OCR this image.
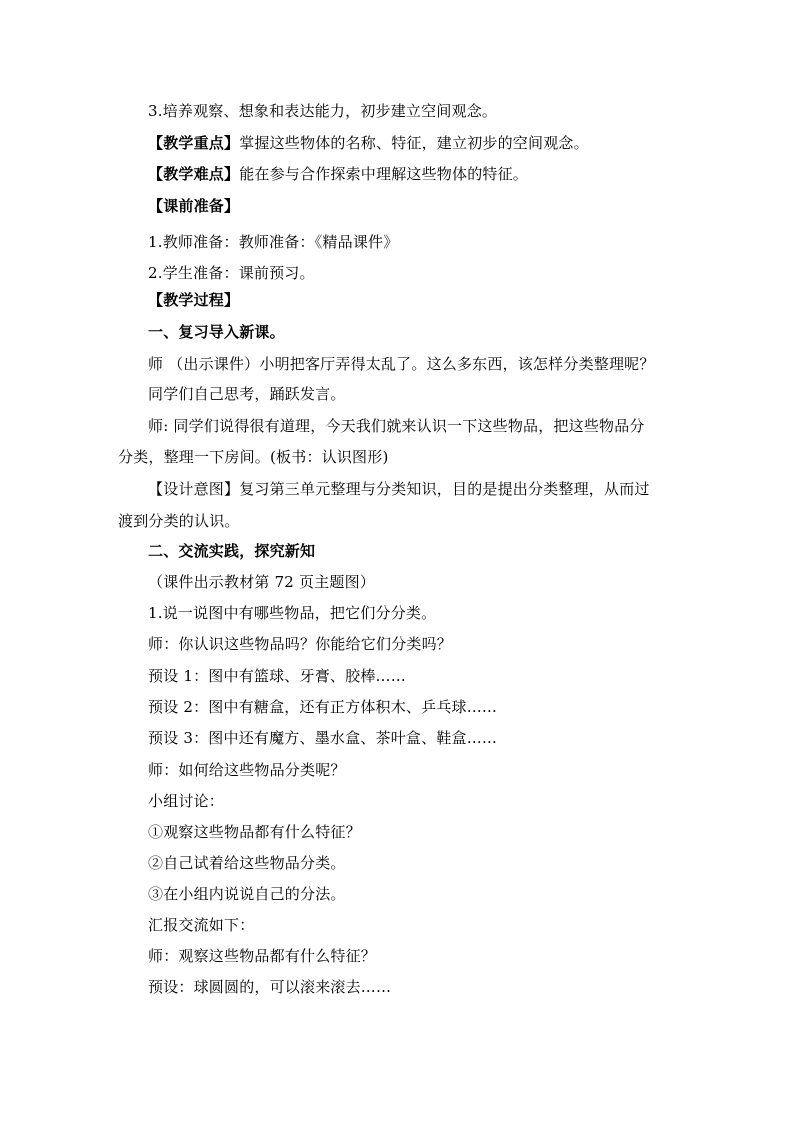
3.培养观察、想象和表达能力，初步建立空间观念。
【教学重点】掌握这些物体的名称、特征，建立初步的空间观念。
【教学难点】能在参与合作探索中理解这些物体的特征。
【课前准备】
1.教师准备：教师准备：《精品课件》
2.学生准备：课前预习。
【教学过程】
一、复习导入新课。
师 （出示课件）小明把客厅弄得太乱了。这么多东西，该怎样分类整理呢？
同学们自己思考，踊跃发言。
师: 同学们说得很有道理，今天我们就来认识一下这些物品，把这些物品分
分类，整理一下房间。(板书：认识图形)
【设计意图】复习第三单元整理与分类知识，目的是提出分类整理，从而过
渡到分类的认识。
二、交流实践，探究新知
（课件出示教材第 72 页主题图）
1.说一说图中有哪些物品，把它们分分类。
师：你认识这些物品吗？你能给它们分类吗？
预设 1：图中有篮球、牙膏、胶棒……
预设 2：图中有糖盒，还有正方体积木、乒乓球……
预设 3：图中还有魔方、墨水盒、茶叶盒、鞋盒……
师：如何给这些物品分类呢？
小组讨论：
①观察这些物品都有什么特征？
②自己试着给这些物品分类。
③在小组内说说自己的分法。
汇报交流如下：
师：观察这些物品都有什么特征？
预设：球圆圆的，可以滚来滚去……
